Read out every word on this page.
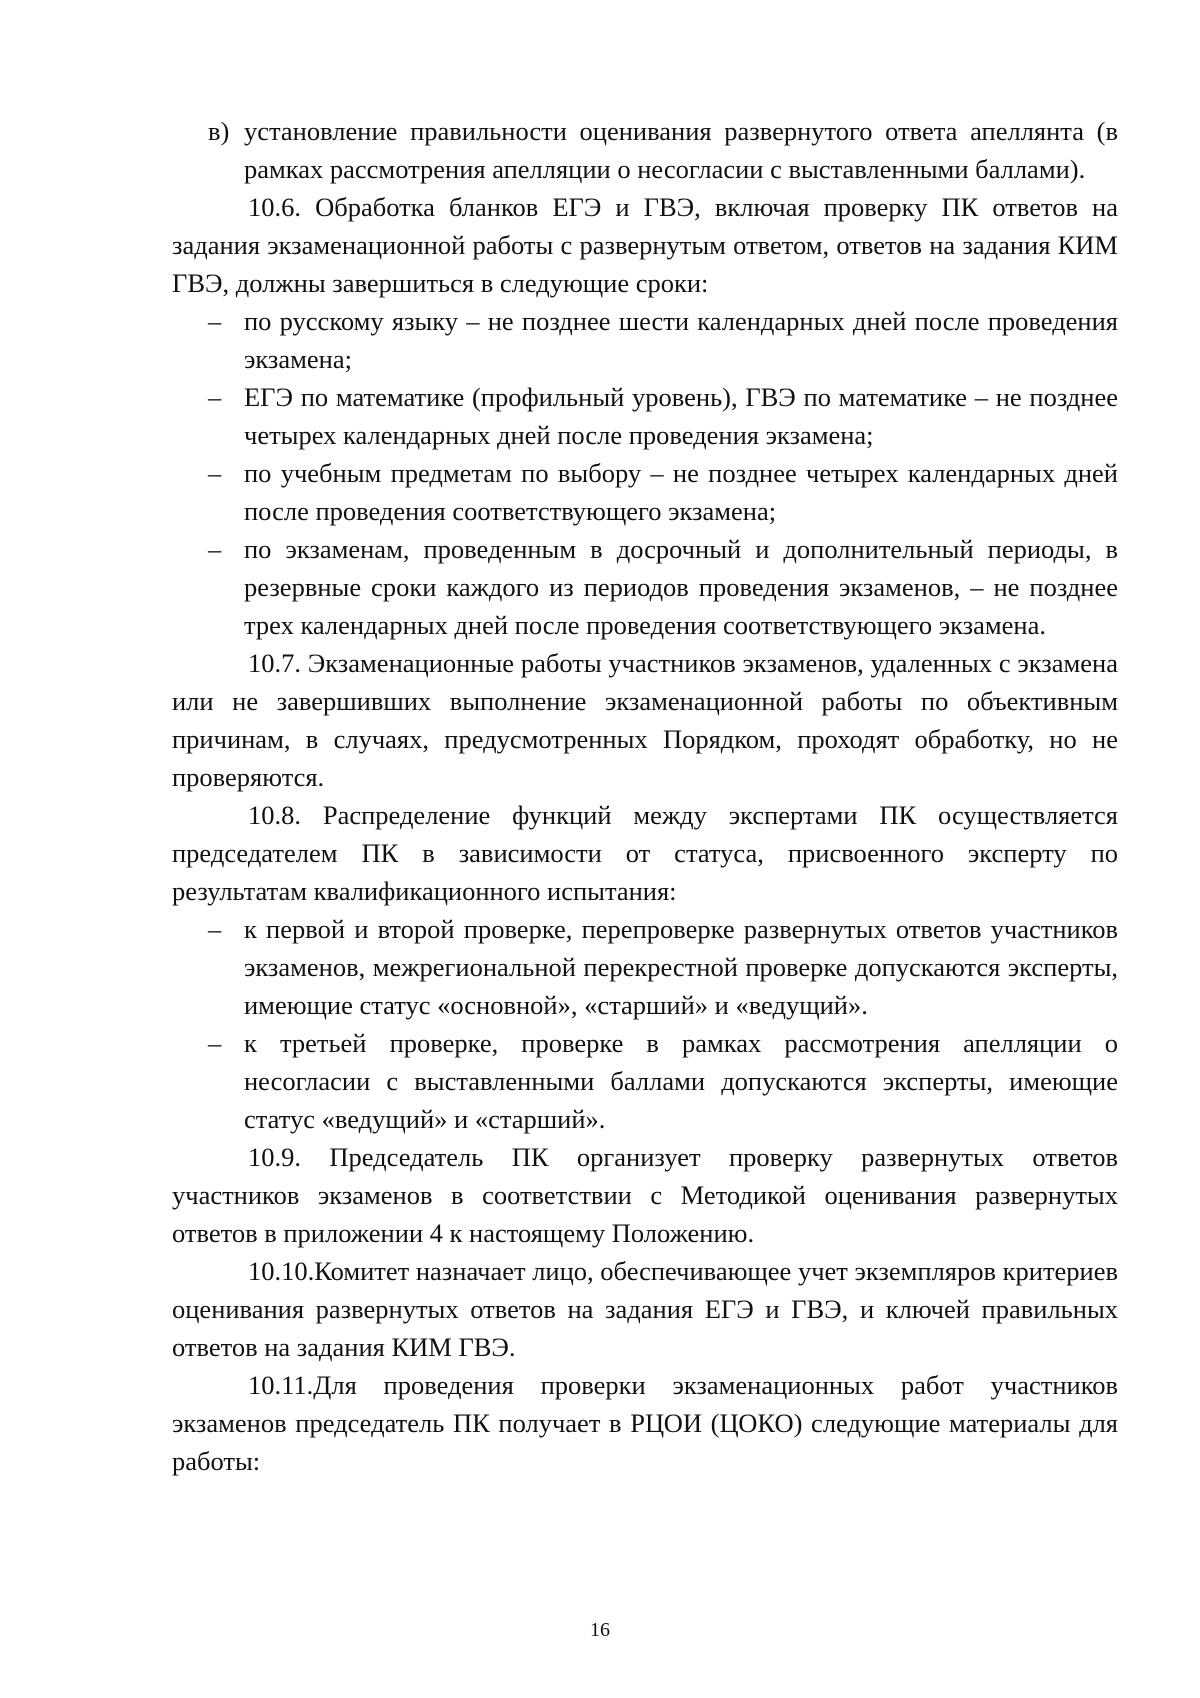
в) установление правильности оценивания развернутого ответа апеллянта (в рамках рассмотрения апелляции о несогласии с выставленными баллами).

10.6. Обработка бланков ЕГЭ и ГВЭ, включая проверку ПК ответов на задания экзаменационной работы с развернутым ответом, ответов на задания КИМ ГВЭ, должны завершиться в следующие сроки:

– по русскому языку – не позднее шести календарных дней после проведения экзамена;
– ЕГЭ по математике (профильный уровень), ГВЭ по математике – не позднее четырех календарных дней после проведения экзамена;
– по учебным предметам по выбору – не позднее четырех календарных дней после проведения соответствующего экзамена;
– по экзаменам, проведенным в досрочный и дополнительный периоды, в резервные сроки каждого из периодов проведения экзаменов, – не позднее трех календарных дней после проведения соответствующего экзамена.

10.7. Экзаменационные работы участников экзаменов, удаленных с экзамена или не завершивших выполнение экзаменационной работы по объективным причинам, в случаях, предусмотренных Порядком, проходят обработку, но не проверяются.

10.8. Распределение функций между экспертами ПК осуществляется председателем ПК в зависимости от статуса, присвоенного эксперту по результатам квалификационного испытания:

– к первой и второй проверке, перепроверке развернутых ответов участников экзаменов, межрегиональной перекрестной проверке допускаются эксперты, имеющие статус «основной», «старший» и «ведущий».
– к третьей проверке, проверке в рамках рассмотрения апелляции о несогласии с выставленными баллами допускаются эксперты, имеющие статус «ведущий» и «старший».

10.9. Председатель ПК организует проверку развернутых ответов участников экзаменов в соответствии с Методикой оценивания развернутых ответов в приложении 4 к настоящему Положению.

10.10.Комитет назначает лицо, обеспечивающее учет экземпляров критериев оценивания развернутых ответов на задания ЕГЭ и ГВЭ, и ключей правильных ответов на задания КИМ ГВЭ.

10.11.Для проведения проверки экзаменационных работ участников экзаменов председатель ПК получает в РЦОИ (ЦОКО) следующие материалы для работы:

16
